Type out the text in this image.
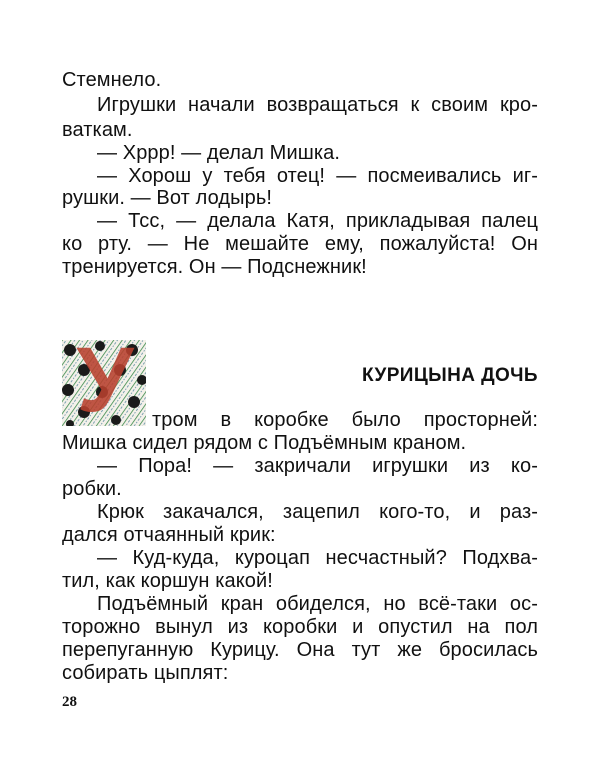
Стемнело.
Игрушки начали возвращаться к своим кро-
ваткам.
— Хррр! — делал Мишка.
— Хорош у тебя отец! — посмеивались иг-
рушки. — Вот лодырь!
— Тсс, — делала Катя, прикладывая палец
ко рту. — Не мешайте ему, пожалуйста! Он
тренируется. Он — Подснежник!
У	КУРИЦЫНА ДОЧЬ
тром в коробке было просторней:
Мишка сидел рядом с Подъёмным краном.
— Пора! — закричали игрушки из ко-
робки.
Крюк закачался, зацепил кого-то, и раз-
дался отчаянный крик:
— Куд-куда, куроцап несчастный? Подхва-
тил, как коршун какой!
Подъёмный кран обиделся, но всё-таки ос-
торожно вынул из коробки и опустил на пол
перепуганную Курицу. Она тут же бросилась
собирать цыплят:
28
